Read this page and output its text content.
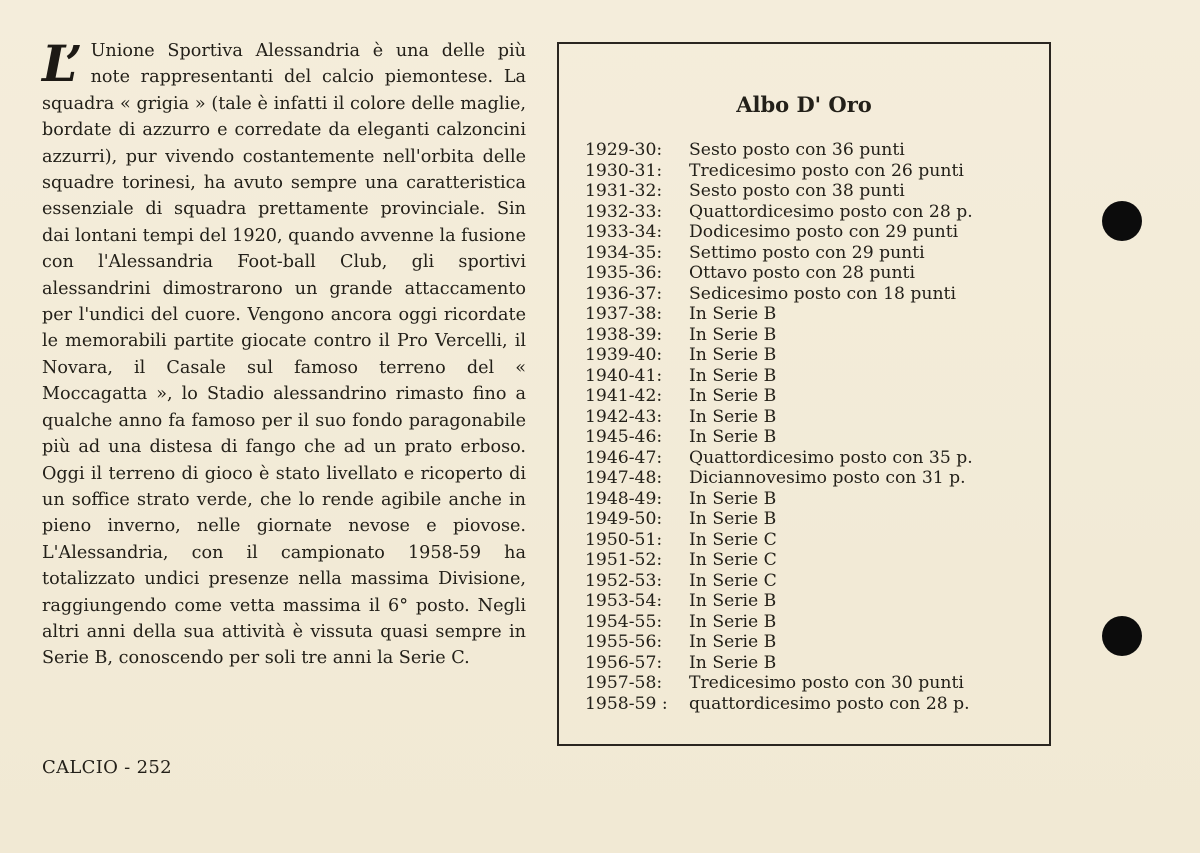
L’ Unione Sportiva Alessandria è una delle più note rappresentanti del calcio piemontese. La squadra « grigia » (tale è infatti il colore delle maglie, bordate di azzurro e corredate da eleganti calzoncini azzurri), pur vivendo costantemente nell'orbita delle squadre torinesi, ha avuto sempre una caratteristica essenziale di squadra prettamente provinciale. Sin dai lontani tempi del 1920, quando avvenne la fusione con l'Alessandria Foot-ball Club, gli sportivi alessandrini dimostrarono un grande attaccamento per l'undici del cuore. Vengono ancora oggi ricordate le memorabili partite giocate contro il Pro Vercelli, il Novara, il Casale sul famoso terreno del « Moccagatta », lo Stadio alessandrino rimasto fino a qualche anno fa famoso per il suo fondo paragonabile più ad una distesa di fango che ad un prato erboso. Oggi il terreno di gioco è stato livellato e ricoperto di un soffice strato verde, che lo rende agibile anche in pieno inverno, nelle giornate nevose e piovose. L'Alessandria, con il campionato 1958-59 ha totalizzato undici presenze nella massima Divisione, raggiungendo come vetta massima il 6° posto. Negli altri anni della sua attività è vissuta quasi sempre in Serie B, conoscendo per soli tre anni la Serie C.

CALCIO - 252
Albo D' Oro
1929-30: Sesto posto con 36 punti
1930-31: Tredicesimo posto con 26 punti
1931-32: Sesto posto con 38 punti
1932-33: Quattordicesimo posto con 28 p.
1933-34: Dodicesimo posto con 29 punti
1934-35: Settimo posto con 29 punti
1935-36: Ottavo posto con 28 punti
1936-37: Sedicesimo posto con 18 punti
1937-38: In Serie B
1938-39: In Serie B
1939-40: In Serie B
1940-41: In Serie B
1941-42: In Serie B
1942-43: In Serie B
1945-46: In Serie B
1946-47: Quattordicesimo posto con 35 p.
1947-48: Diciannovesimo posto con 31 p.
1948-49: In Serie B
1949-50: In Serie B
1950-51: In Serie C
1951-52: In Serie C
1952-53: In Serie C
1953-54: In Serie B
1954-55: In Serie B
1955-56: In Serie B
1956-57: In Serie B
1957-58: Tredicesimo posto con 30 punti
1958-59 : quattordicesimo posto con 28 p.
